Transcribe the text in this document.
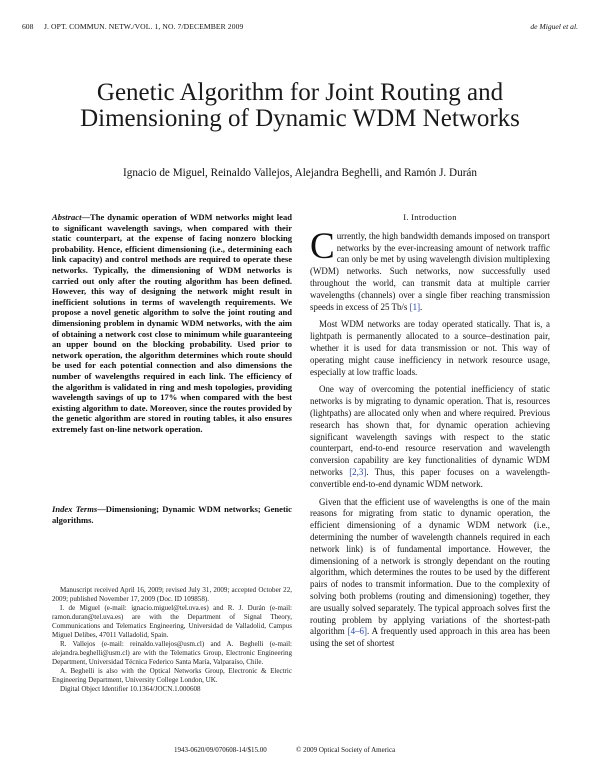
608 J. OPT. COMMUN. NETW./VOL. 1, NO. 7/DECEMBER 2009	de Miguel et al.
Genetic Algorithm for Joint Routing and Dimensioning of Dynamic WDM Networks
Ignacio de Miguel, Reinaldo Vallejos, Alejandra Beghelli, and Ramón J. Durán
Abstract—The dynamic operation of WDM networks might lead to significant wavelength savings, when compared with their static counterpart, at the expense of facing nonzero blocking probability. Hence, efficient dimensioning (i.e., determining each link capacity) and control methods are required to operate these networks. Typically, the dimensioning of WDM networks is carried out only after the routing algorithm has been defined. However, this way of designing the network might result in inefficient solutions in terms of wavelength requirements. We propose a novel genetic algorithm to solve the joint routing and dimensioning problem in dynamic WDM networks, with the aim of obtaining a network cost close to minimum while guaranteeing an upper bound on the blocking probability. Used prior to network operation, the algorithm determines which route should be used for each potential connection and also dimensions the number of wavelengths required in each link. The efficiency of the algorithm is validated in ring and mesh topologies, providing wavelength savings of up to 17% when compared with the best existing algorithm to date. Moreover, since the routes provided by the genetic algorithm are stored in routing tables, it also ensures extremely fast on-line network operation.
Index Terms—Dimensioning; Dynamic WDM networks; Genetic algorithms.

Manuscript received April 16, 2009; revised July 31, 2009; accepted October 22, 2009; published November 17, 2009 (Doc. ID 109858).

I. de Miguel (e-mail: ignacio.miguel@tel.uva.es) and R. J. Durán (e-mail: ramon.duran@tel.uva.es) are with the Department of Signal Theory, Communications and Telematics Engineering, Universidad de Valladolid, Campus Miguel Delibes, 47011 Valladolid, Spain.

R. Vallejos (e-mail: reinaldo.vallejos@usm.cl) and A. Beghelli (e-mail: alejandra.beghelli@usm.cl) are with the Telematics Group, Electronic Engineering Department, Universidad Técnica Federico Santa María, Valparaíso, Chile.

A. Beghelli is also with the Optical Networks Group, Electronic & Electric Engineering Department, University College London, UK.

Digital Object Identifier 10.1364/JOCN.1.000608

I. Introduction

Currently, the high bandwidth demands imposed on transport networks by the ever-increasing amount of network traffic can only be met by using wavelength division multiplexing (WDM) networks. Such networks, now successfully used throughout the world, can transmit data at multiple carrier wavelengths (channels) over a single fiber reaching transmission speeds in excess of 25 Tb/s [1].

Most WDM networks are today operated statically. That is, a lightpath is permanently allocated to a source–destination pair, whether it is used for data transmission or not. This way of operating might cause inefficiency in network resource usage, especially at low traffic loads.

One way of overcoming the potential inefficiency of static networks is by migrating to dynamic operation. That is, resources (lightpaths) are allocated only when and where required. Previous research has shown that, for dynamic operation achieving significant wavelength savings with respect to the static counterpart, end-to-end resource reservation and wavelength conversion capability are key functionalities of dynamic WDM networks [2,3]. Thus, this paper focuses on a wavelength-convertible end-to-end dynamic WDM network.

Given that the efficient use of wavelengths is one of the main reasons for migrating from static to dynamic operation, the efficient dimensioning of a dynamic WDM network (i.e., determining the number of wavelength channels required in each network link) is of fundamental importance. However, the dimensioning of a network is strongly dependant on the routing algorithm, which determines the routes to be used by the different pairs of nodes to transmit information. Due to the complexity of solving both problems (routing and dimensioning) together, they are usually solved separately. The typical approach solves first the routing problem by applying variations of the shortest-path algorithm [4–6]. A frequently used approach in this area has been using the set of shortest

1943-0620/09/070608-14/$15.00	© 2009 Optical Society of America
